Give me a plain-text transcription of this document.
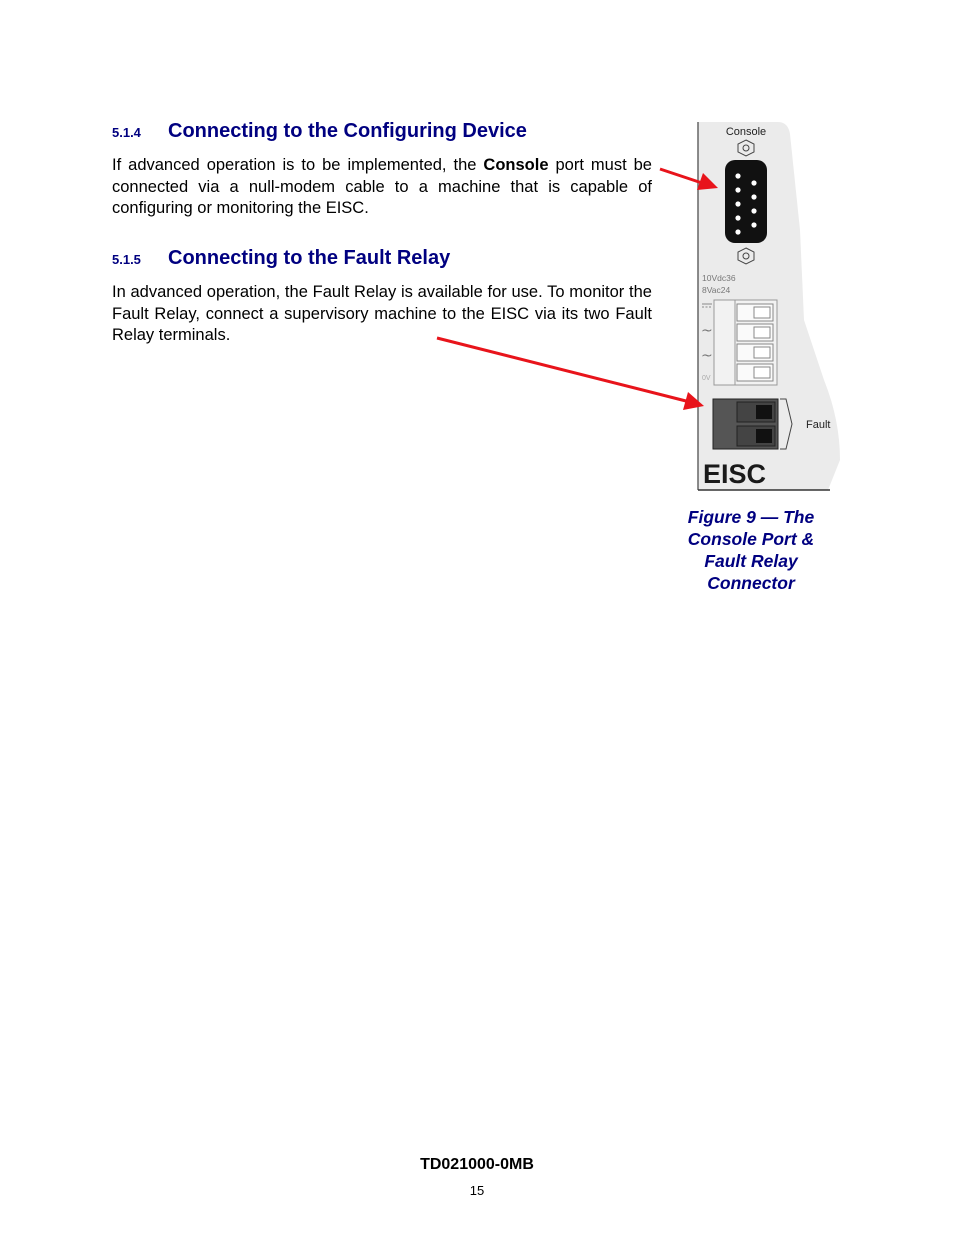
5.1.4	Connecting to the Configuring Device

If advanced operation is to be implemented, the Console port must be connected via a null-modem cable to a machine that is capable of configuring or monitoring the EISC.

5.1.5	Connecting to the Fault Relay

In advanced operation, the Fault Relay is available for use. To monitor the Fault Relay, connect a supervisory machine to the EISC via its two Fault Relay terminals.

Console
10Vdc36
8Vac24
~
~
0V
Fault
EISC
Figure 9 — The
Console Port &
Fault Relay
Connector
TD021000-0MB
15
